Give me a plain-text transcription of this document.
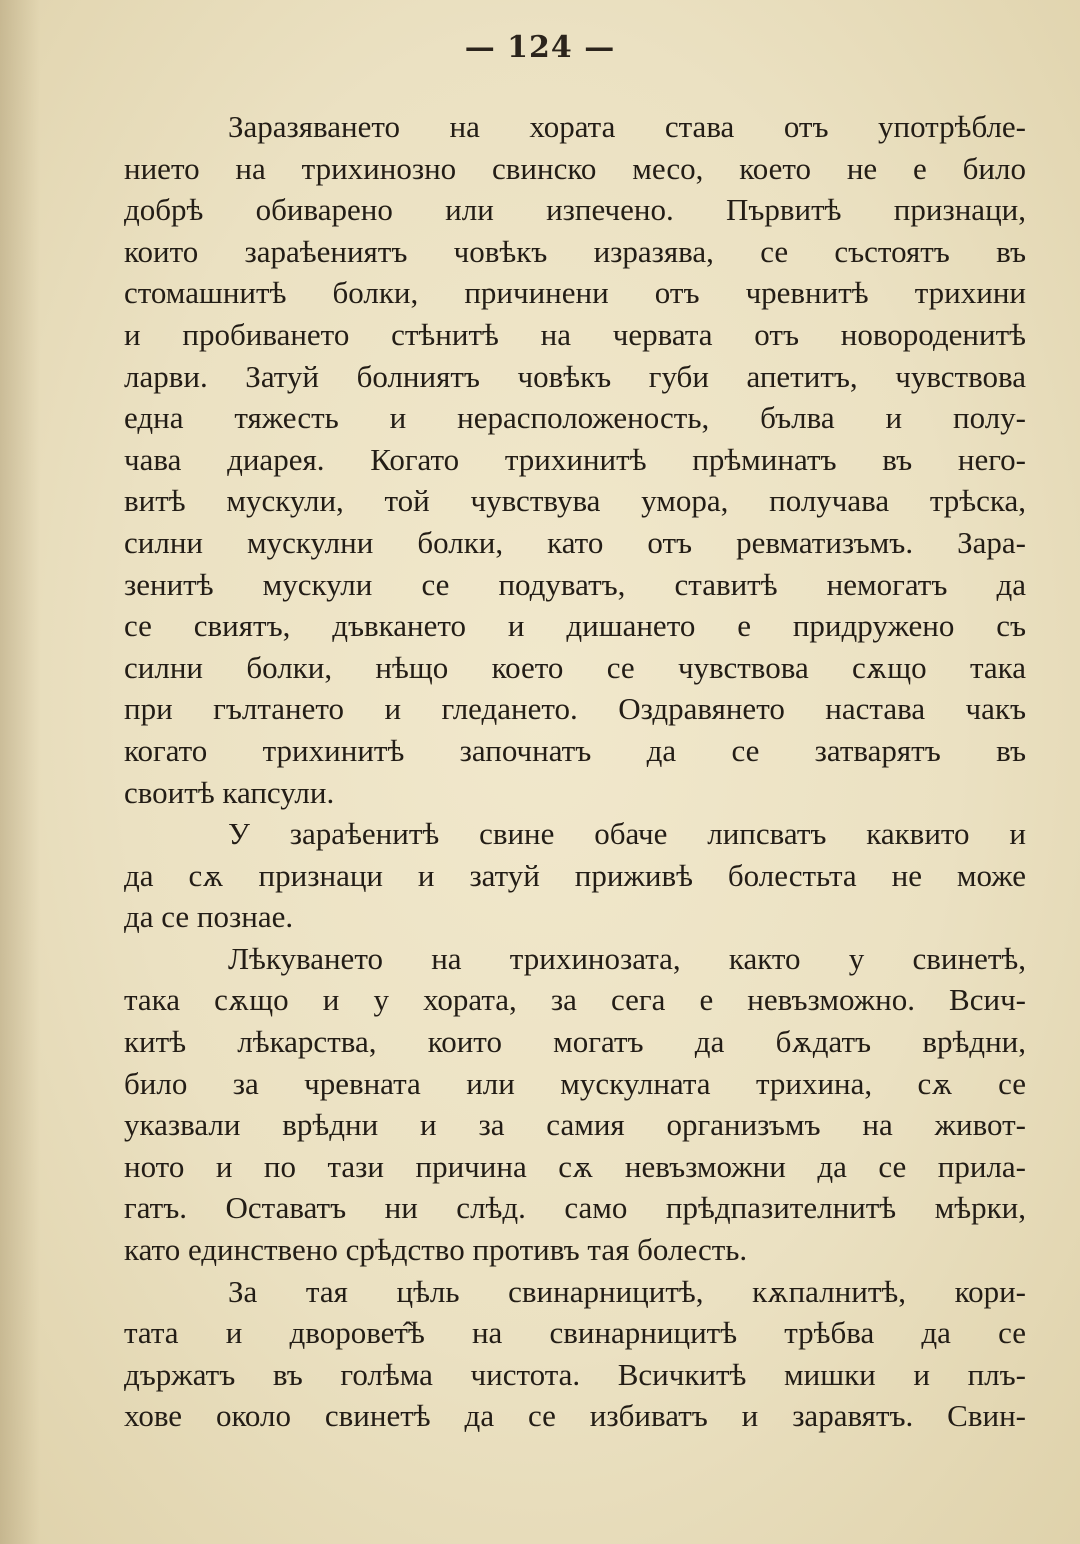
— 124 —
Заразяването на хората става отъ употрѣбле-
нието на трихинозно свинско месо, което не е било
добрѣ обиварено или изпечено. Първитѣ признаци,
които зараѣениятъ човѣкъ изразява, се състоятъ въ
стомашнитѣ болки, причинени отъ чревнитѣ трихини
и пробиването стѣнитѣ на червата отъ новороденитѣ
ларви. Затуй болниятъ човѣкъ губи апетитъ, чувствова
една тяжесть и нерасположеность, бълва и полу-
чава диарея. Когато трихинитѣ прѣминатъ въ него-
витѣ мускули, той чувствува умора, получава трѣска,
силни мускулни болки, като отъ ревматизъмъ. Зара-
зенитѣ мускули се подуватъ, ставитѣ немогатъ да
се свиятъ, дъвкането и дишането е придружено съ
силни болки, нѣщо което се чувствова сѫщо така
при гълтането и гледането. Оздравянето настава чакъ
когато трихинитѣ започнатъ да се затварятъ въ
своитѣ капсули.
У зараѣенитѣ свине обаче липсватъ каквито и
да сѫ признаци и затуй приживѣ болестьта не може
да се познае.
Лѣкуването на трихинозата, както у свинетѣ,
така сѫщо и у хората, за сега е невъзможно. Всич-
китѣ лѣкарства, които могатъ да бѫдатъ врѣдни,
било за чревната или мускулната трихина, сѫ се
указвали врѣдни и за самия организъмъ на живот-
ното и по тази причина сѫ невъзможни да се прила-
гатъ. Оставатъ ни слѣд. само прѣдпазителнитѣ мѣрки,
като единствено срѣдство противъ тая болесть.
За тая цѣль свинарницитѣ, кѫпалнитѣ, кори-
тата и дворовет̂ѣ на свинарницитѣ трѣбва да се
държатъ въ голѣма чистота. Всичкитѣ мишки и плъ-
хове около свинетѣ да се избиватъ и заравятъ. Свин-
